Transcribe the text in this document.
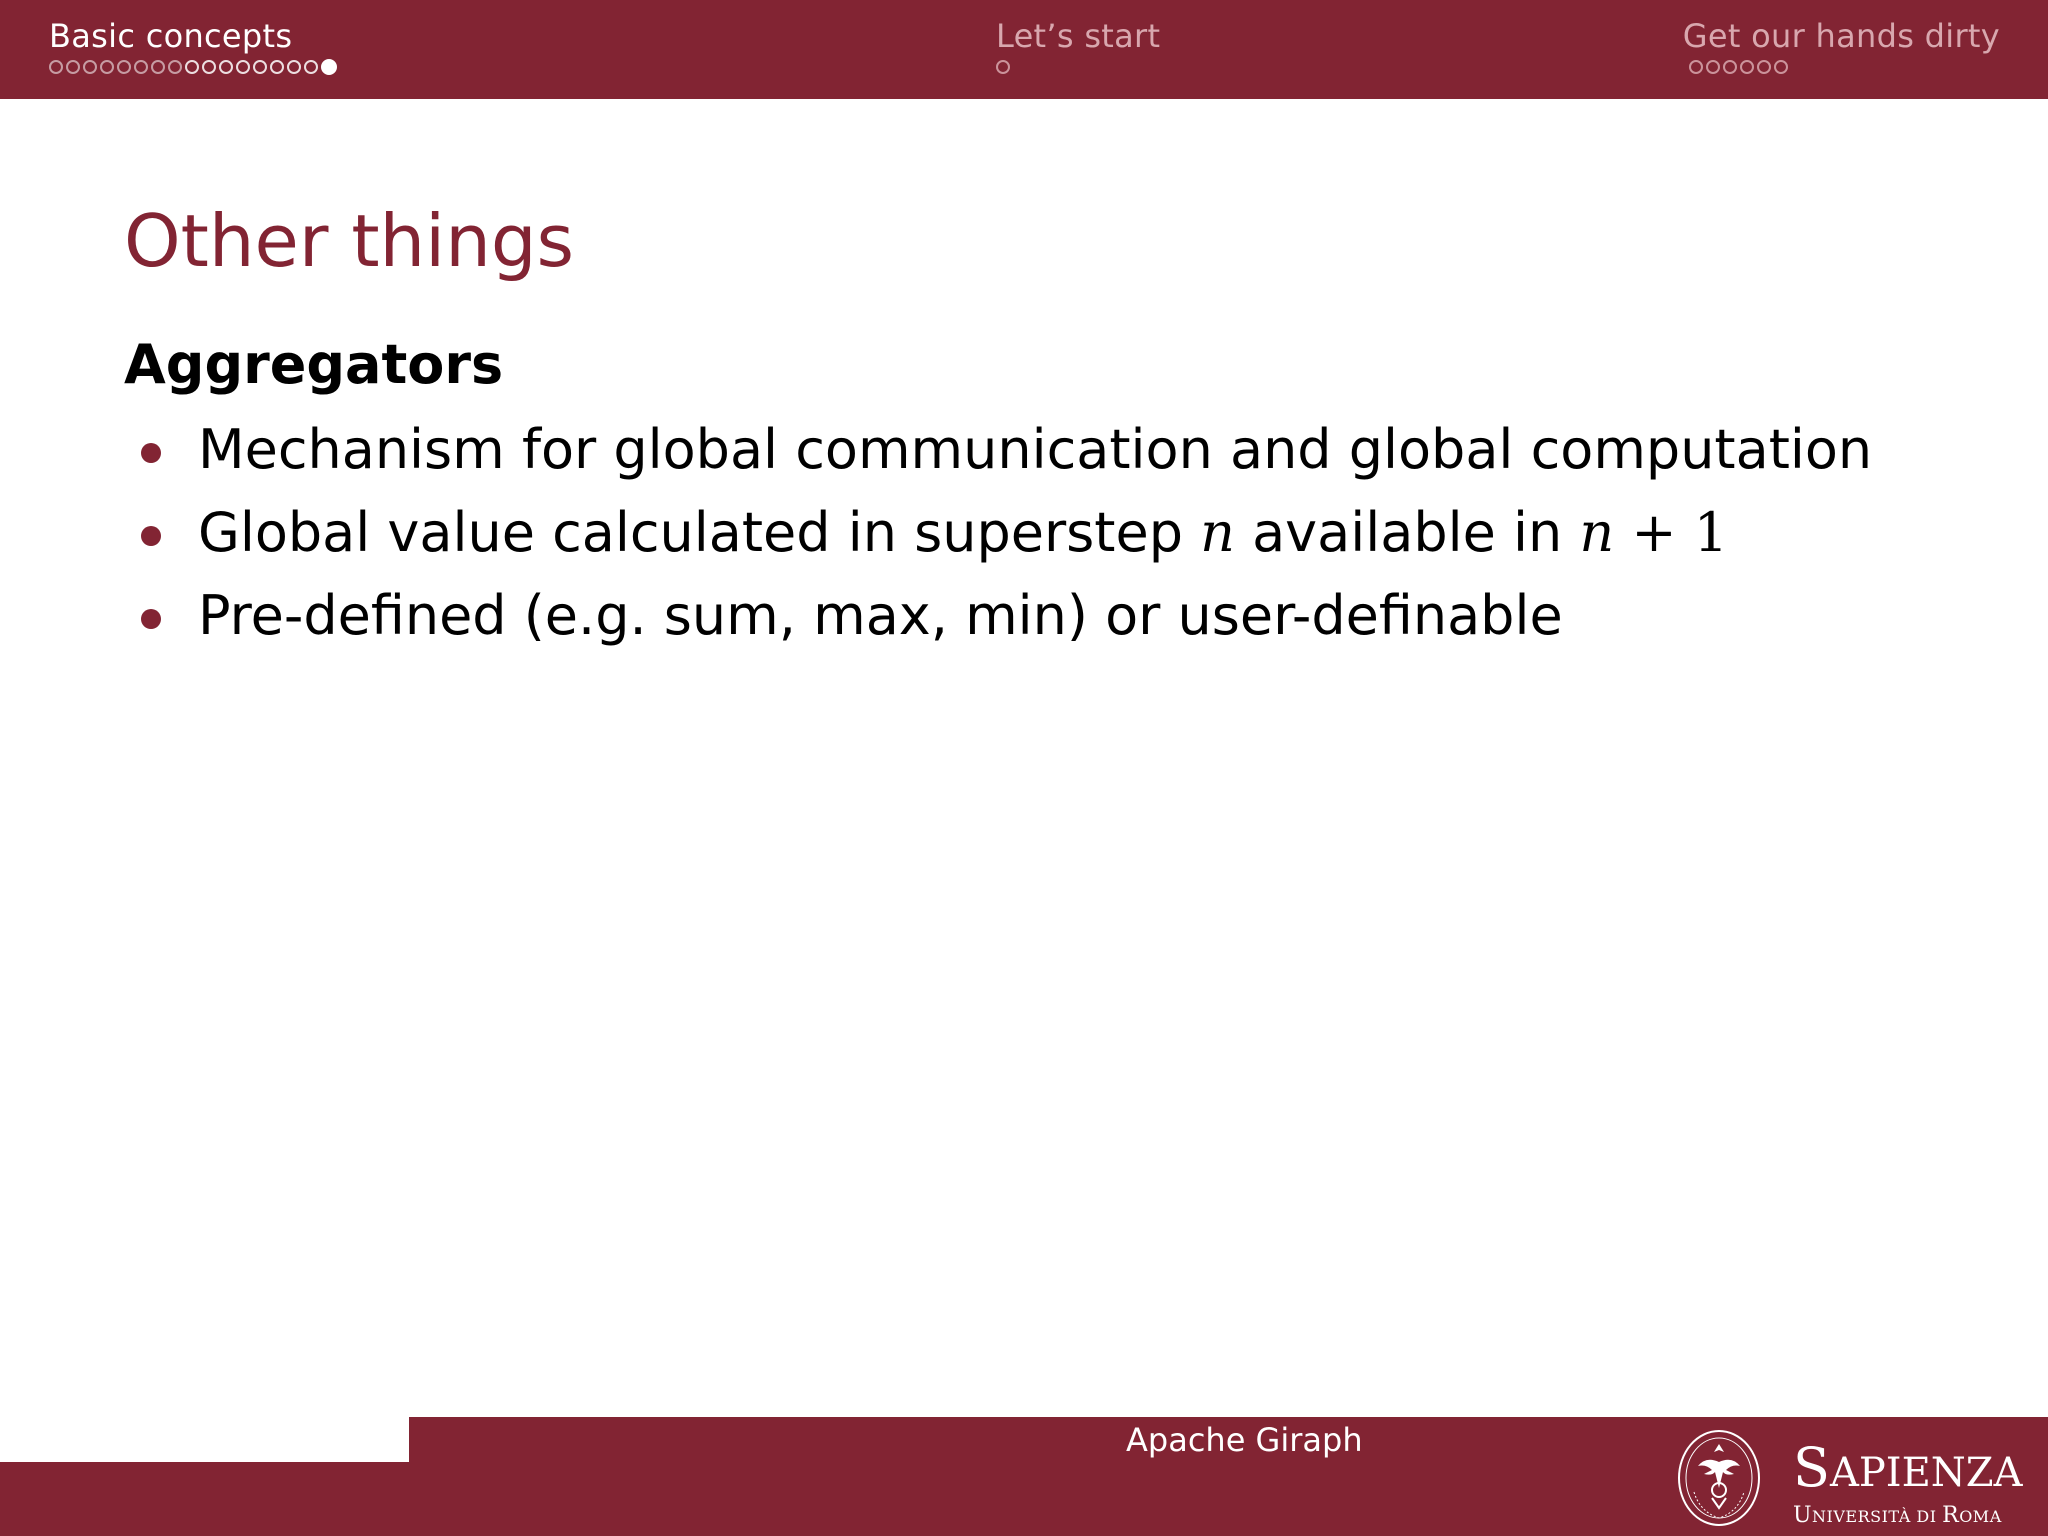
Basic concepts	Let’s start	Get our hands dirty
Other things
Aggregators
Mechanism for global communication and global computation
Global value calculated in superstep n available in n + 1
Pre-defined (e.g. sum, max, min) or user-definable
Apache Giraph	SAPIENZA
UNIVERSITÀ DI ROMA
